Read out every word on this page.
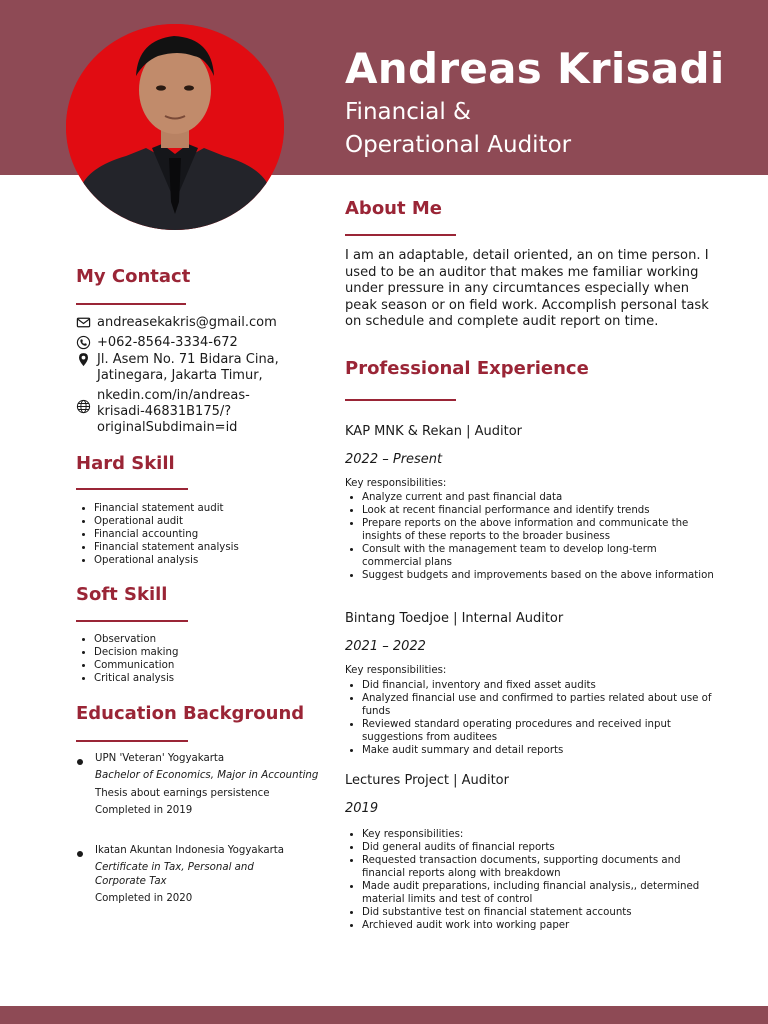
Andreas Krisadi
Financial &
Operational Auditor
My Contact
andreasekakris@gmail.com
+062-8564-3334-672
Jl. Asem No. 71 Bidara Cina,
Jatinegara, Jakarta Timur,
nkedin.com/in/andreas-
krisadi-46831B175/?
originalSubdimain=id
Hard Skill
• Financial statement audit
• Operational audit
• Financial accounting
• Financial statement analysis
• Operational analysis
Soft Skill
• Observation
• Decision making
• Communication
• Critical analysis
Education Background
UPN 'Veteran' Yogyakarta
Bachelor of Economics, Major in Accounting
Thesis about earnings persistence
Completed in 2019
Ikatan Akuntan Indonesia Yogyakarta
Certificate in Tax, Personal and
Corporate Tax
Completed in 2020
About Me
I am an adaptable, detail oriented, an on time person. I used to be an auditor that makes me familiar working under pressure in any circumtances especially when peak season or on field work. Accomplish personal task on schedule and complete audit report on time.
Professional Experience
KAP MNK & Rekan | Auditor
2022 – Present
Key responsibilities:
• Analyze current and past financial data
• Look at recent financial performance and identify trends
• Prepare reports on the above information and communicate the insights of these reports to the broader business
• Consult with the management team to develop long-term commercial plans
• Suggest budgets and improvements based on the above information
Bintang Toedjoe | Internal Auditor
2021 – 2022
Key responsibilities:
• Did financial, inventory and fixed asset audits
• Analyzed financial use and confirmed to parties related about use of funds
• Reviewed standard operating procedures and received input suggestions from auditees
• Make audit summary and detail reports
Lectures Project | Auditor
2019
• Key responsibilities:
• Did general audits of financial reports
• Requested transaction documents, supporting documents and financial reports along with breakdown
• Made audit preparations, including financial analysis,, determined material limits and test of control
• Did substantive test on financial statement accounts
• Archieved audit work into working paper
